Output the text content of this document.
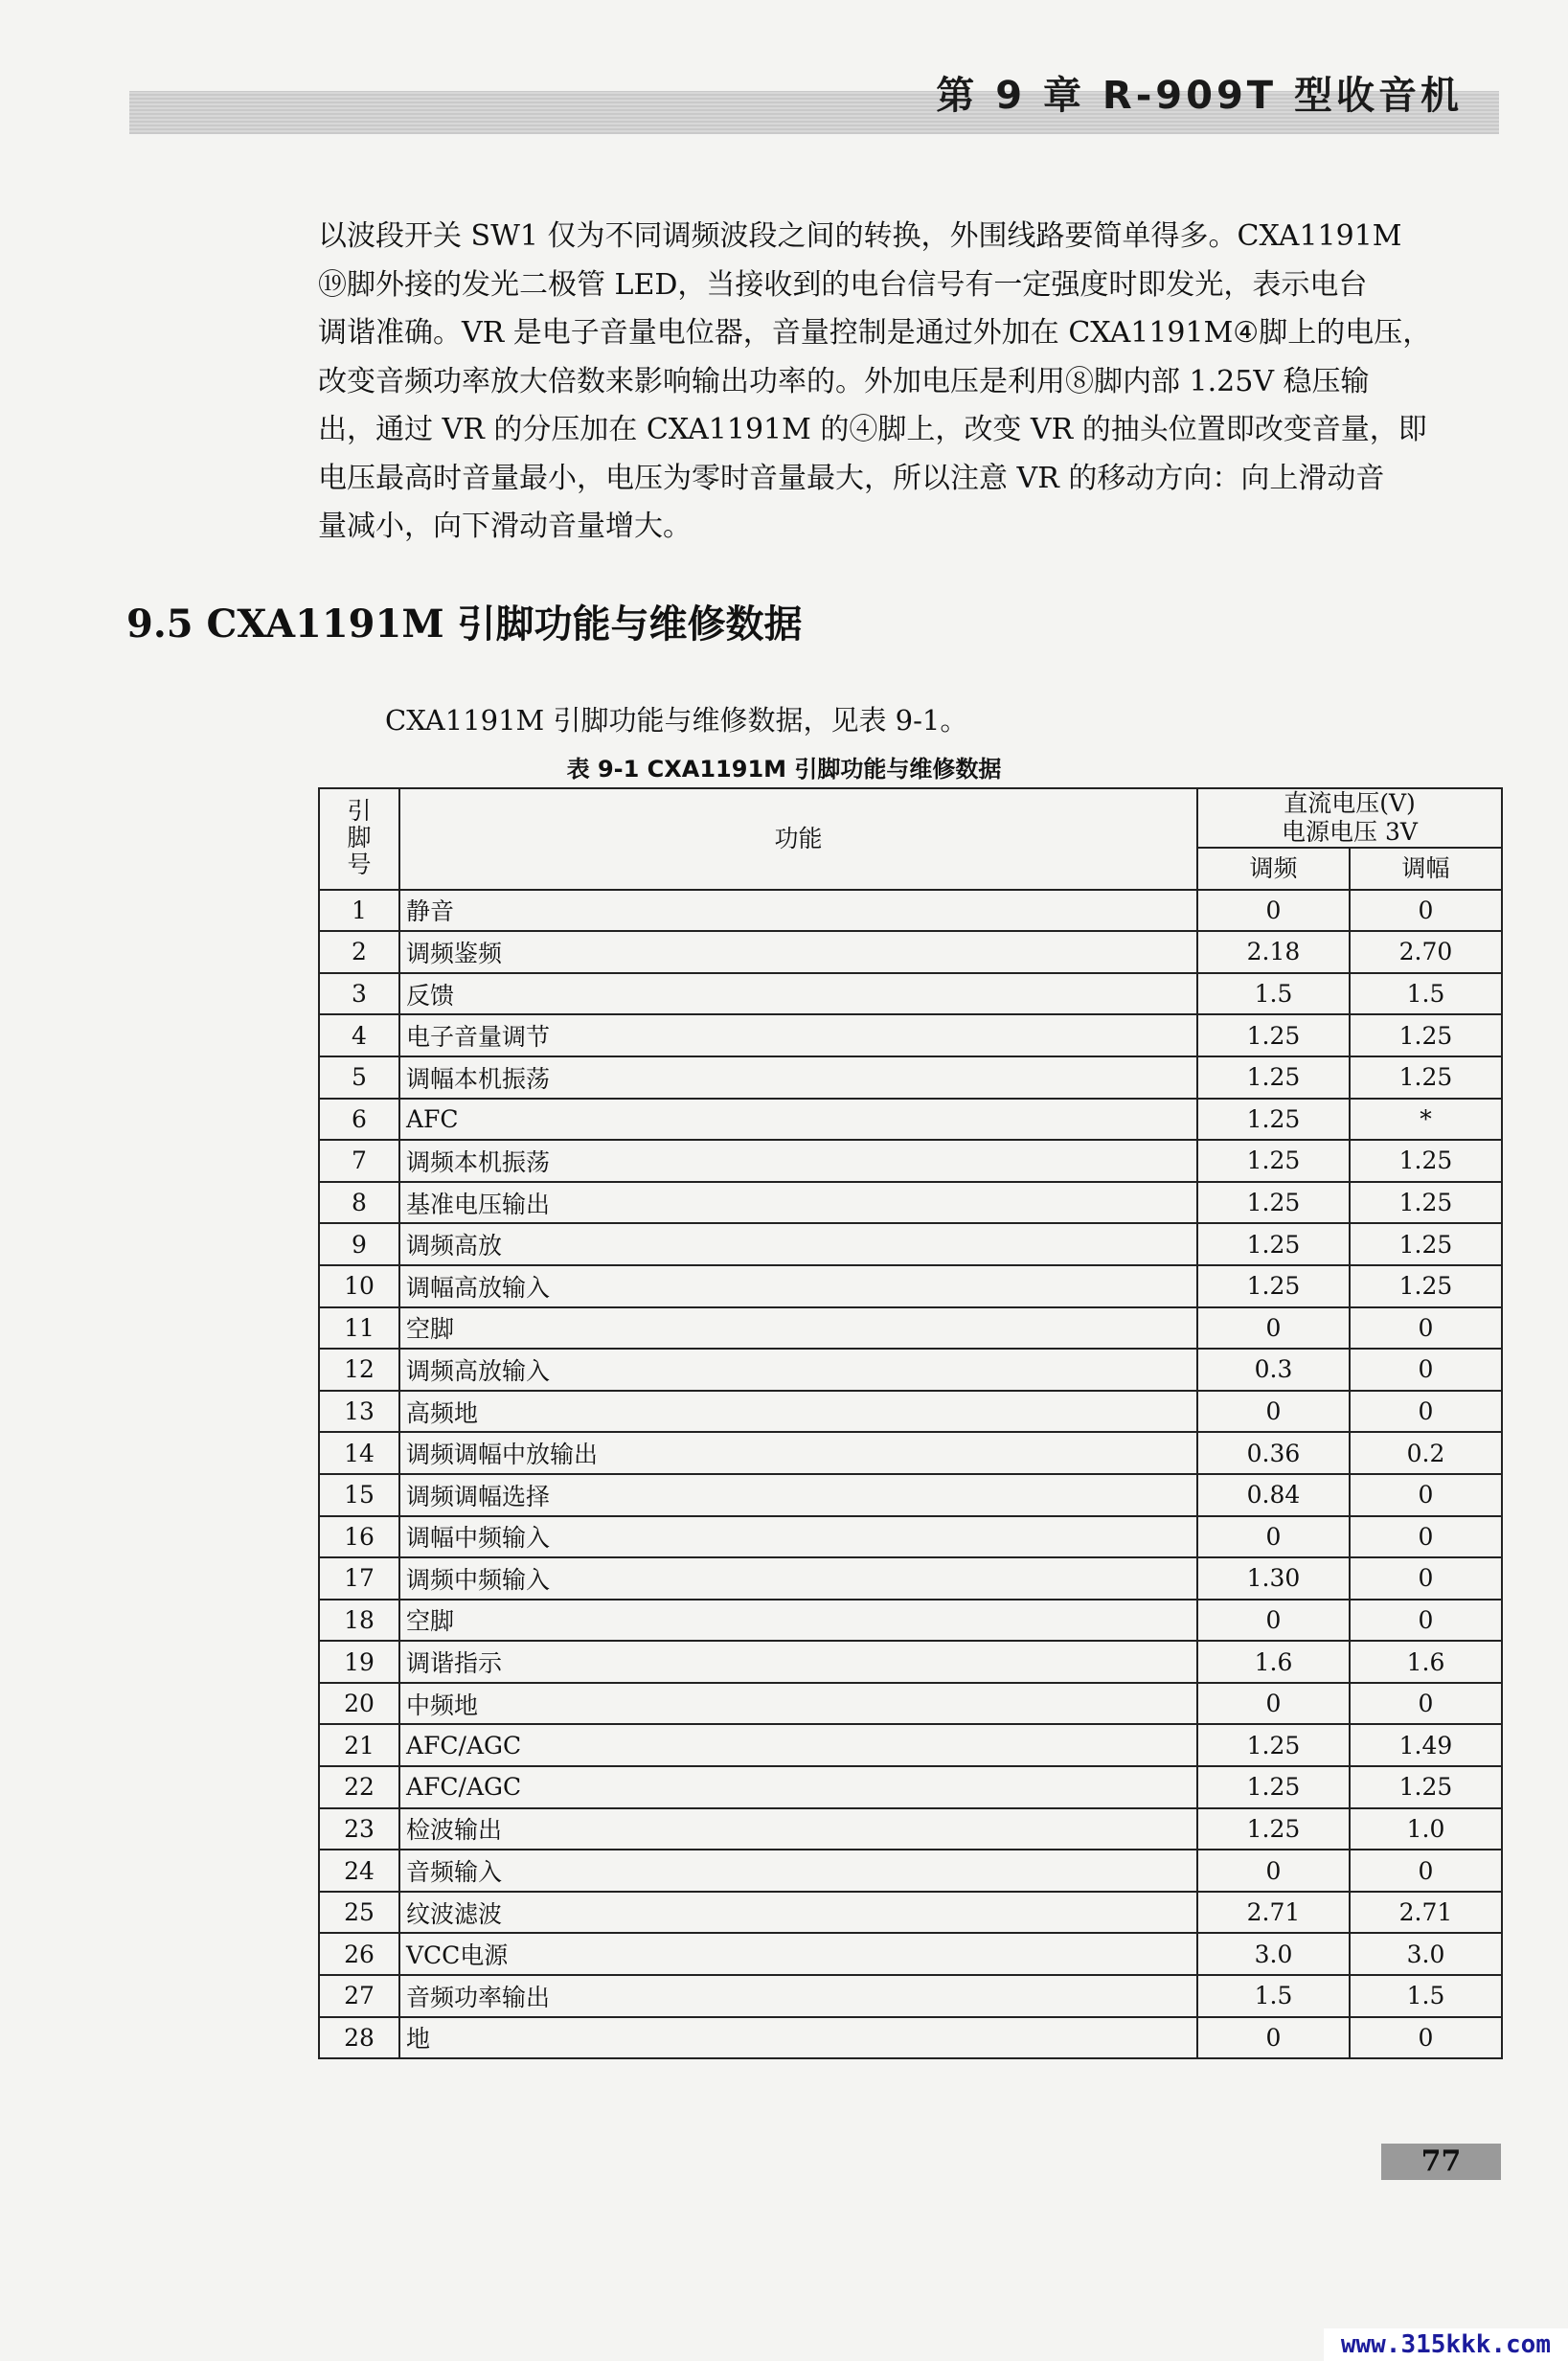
第 9 章 R-909T 型收音机

以波段开关 SW1 仅为不同调频波段之间的转换，外围线路要简单得多。CXA1191M

⑲脚外接的发光二极管 LED，当接收到的电台信号有一定强度时即发光，表示电台

调谐准确。VR 是电子音量电位器，音量控制是通过外加在 CXA1191M④脚上的电压，

改变音频功率放大倍数来影响输出功率的。外加电压是利用⑧脚内部 1.25V 稳压输

出，通过 VR 的分压加在 CXA1191M 的④脚上，改变 VR 的抽头位置即改变音量，即

电压最高时音量最小，电压为零时音量最大，所以注意 VR 的移动方向：向上滑动音

量减小，向下滑动音量增大。

9.5 CXA1191M 引脚功能与维修数据
CXA1191M 引脚功能与维修数据，见表 9-1。
表 9-1 CXA1191M 引脚功能与维修数据
引脚号	功能	直流电压(V)
电源电压 3V	

		调频	调幅
1	静音	0	0
2	调频鉴频	2.18	2.70
3	反馈	1.5	1.5
4	电子音量调节	1.25	1.25
5	调幅本机振荡	1.25	1.25
6	AFC	1.25	*
7	调频本机振荡	1.25	1.25
8	基准电压输出	1.25	1.25
9	调频高放	1.25	1.25
10	调幅高放输入	1.25	1.25
11	空脚	0	0
12	调频高放输入	0.3	0
13	高频地	0	0
14	调频调幅中放输出	0.36	0.2
15	调频调幅选择	0.84	0
16	调幅中频输入	0	0
17	调频中频输入	1.30	0
18	空脚	0	0
19	调谐指示	1.6	1.6
20	中频地	0	0
21	AFC/AGC	1.25	1.49
22	AFC/AGC	1.25	1.25
23	检波输出	1.25	1.0
24	音频输入	0	0
25	纹波滤波	2.71	2.71
26	VCC电源	3.0	3.0
27	音频功率输出	1.5	1.5
28	地	0	0
77
www.315kkk.com
